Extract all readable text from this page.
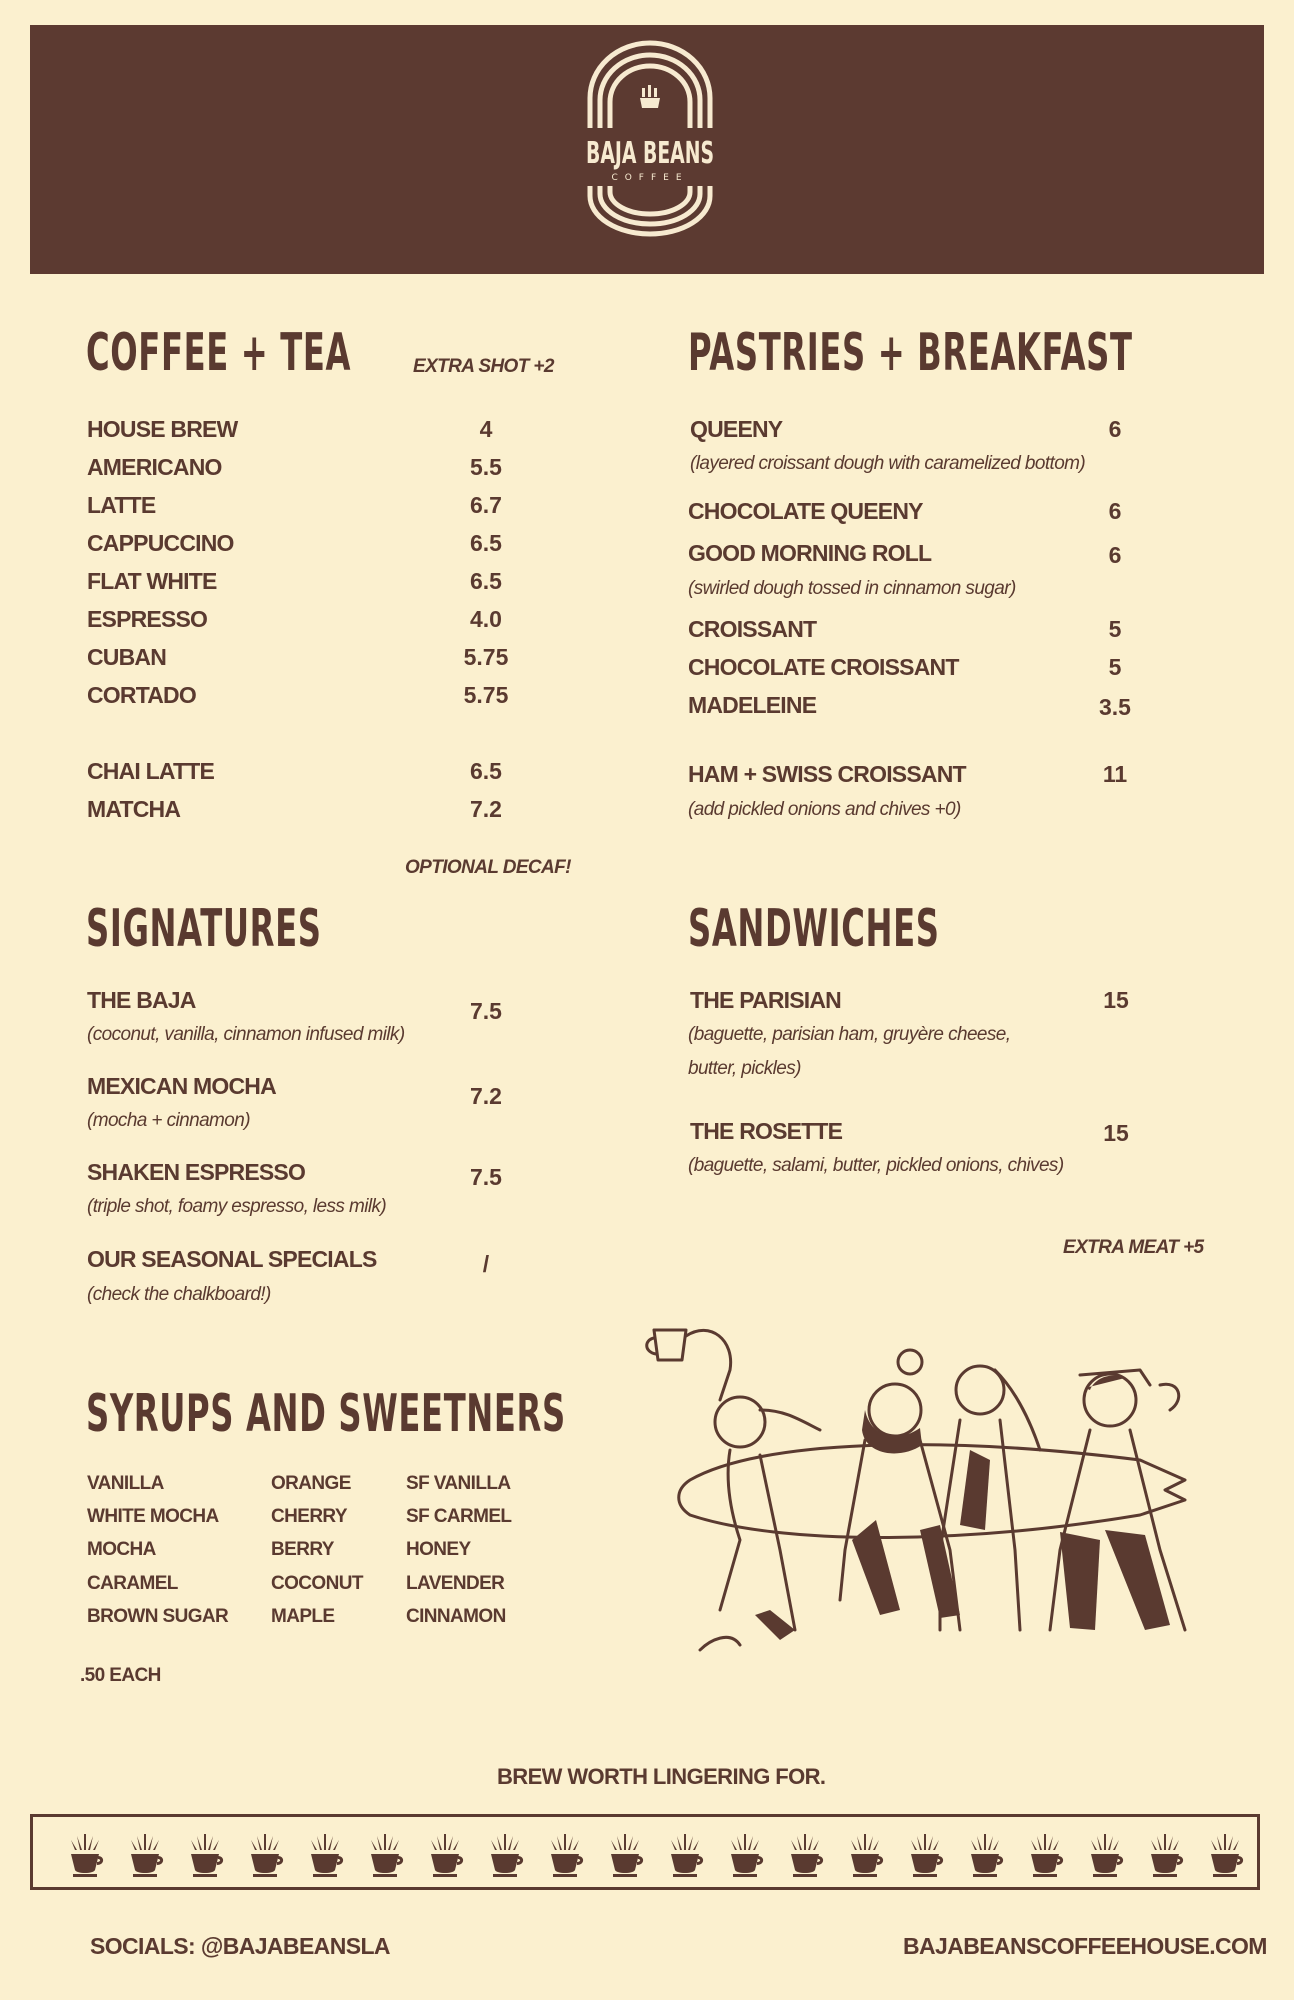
BAJA BEANS
COFFEE
COFFEE + TEA	EXTRA SHOT +2
HOUSE BREW	4
AMERICANO	5.5
LATTE	6.7
CAPPUCCINO	6.5
FLAT WHITE	6.5
ESPRESSO	4.0
CUBAN	5.75
CORTADO	5.75
CHAI LATTE	6.5
MATCHA	7.2
OPTIONAL DECAF!
PASTRIES + BREAKFAST
QUEENY	6
(layered croissant dough with caramelized bottom)
CHOCOLATE QUEENY	6
GOOD MORNING ROLL	6
(swirled dough tossed in cinnamon sugar)
CROISSANT	5
CHOCOLATE CROISSANT	5
MADELEINE	3.5
HAM + SWISS CROISSANT	11
(add pickled onions and chives +0)
SIGNATURES
THE BAJA	7.5
(coconut, vanilla, cinnamon infused milk)
MEXICAN MOCHA	7.2
(mocha + cinnamon)
SHAKEN ESPRESSO	7.5
(triple shot, foamy espresso, less milk)
OUR SEASONAL SPECIALS	/
(check the chalkboard!)
SANDWICHES
THE PARISIAN	15
(baguette, parisian ham, gruyère cheese,
butter, pickles)
THE ROSETTE	15
(baguette, salami, butter, pickled onions, chives)
EXTRA MEAT +5
SYRUPS AND SWEETNERS
VANILLA
WHITE MOCHA
MOCHA
CARAMEL
BROWN SUGAR
ORANGE
CHERRY
BERRY
COCONUT
MAPLE
SF VANILLA
SF CARMEL
HONEY
LAVENDER
CINNAMON
.50 EACH
BREW WORTH LINGERING FOR.
SOCIALS: @BAJABEANSLA	BAJABEANSCOFFEEHOUSE.COM
